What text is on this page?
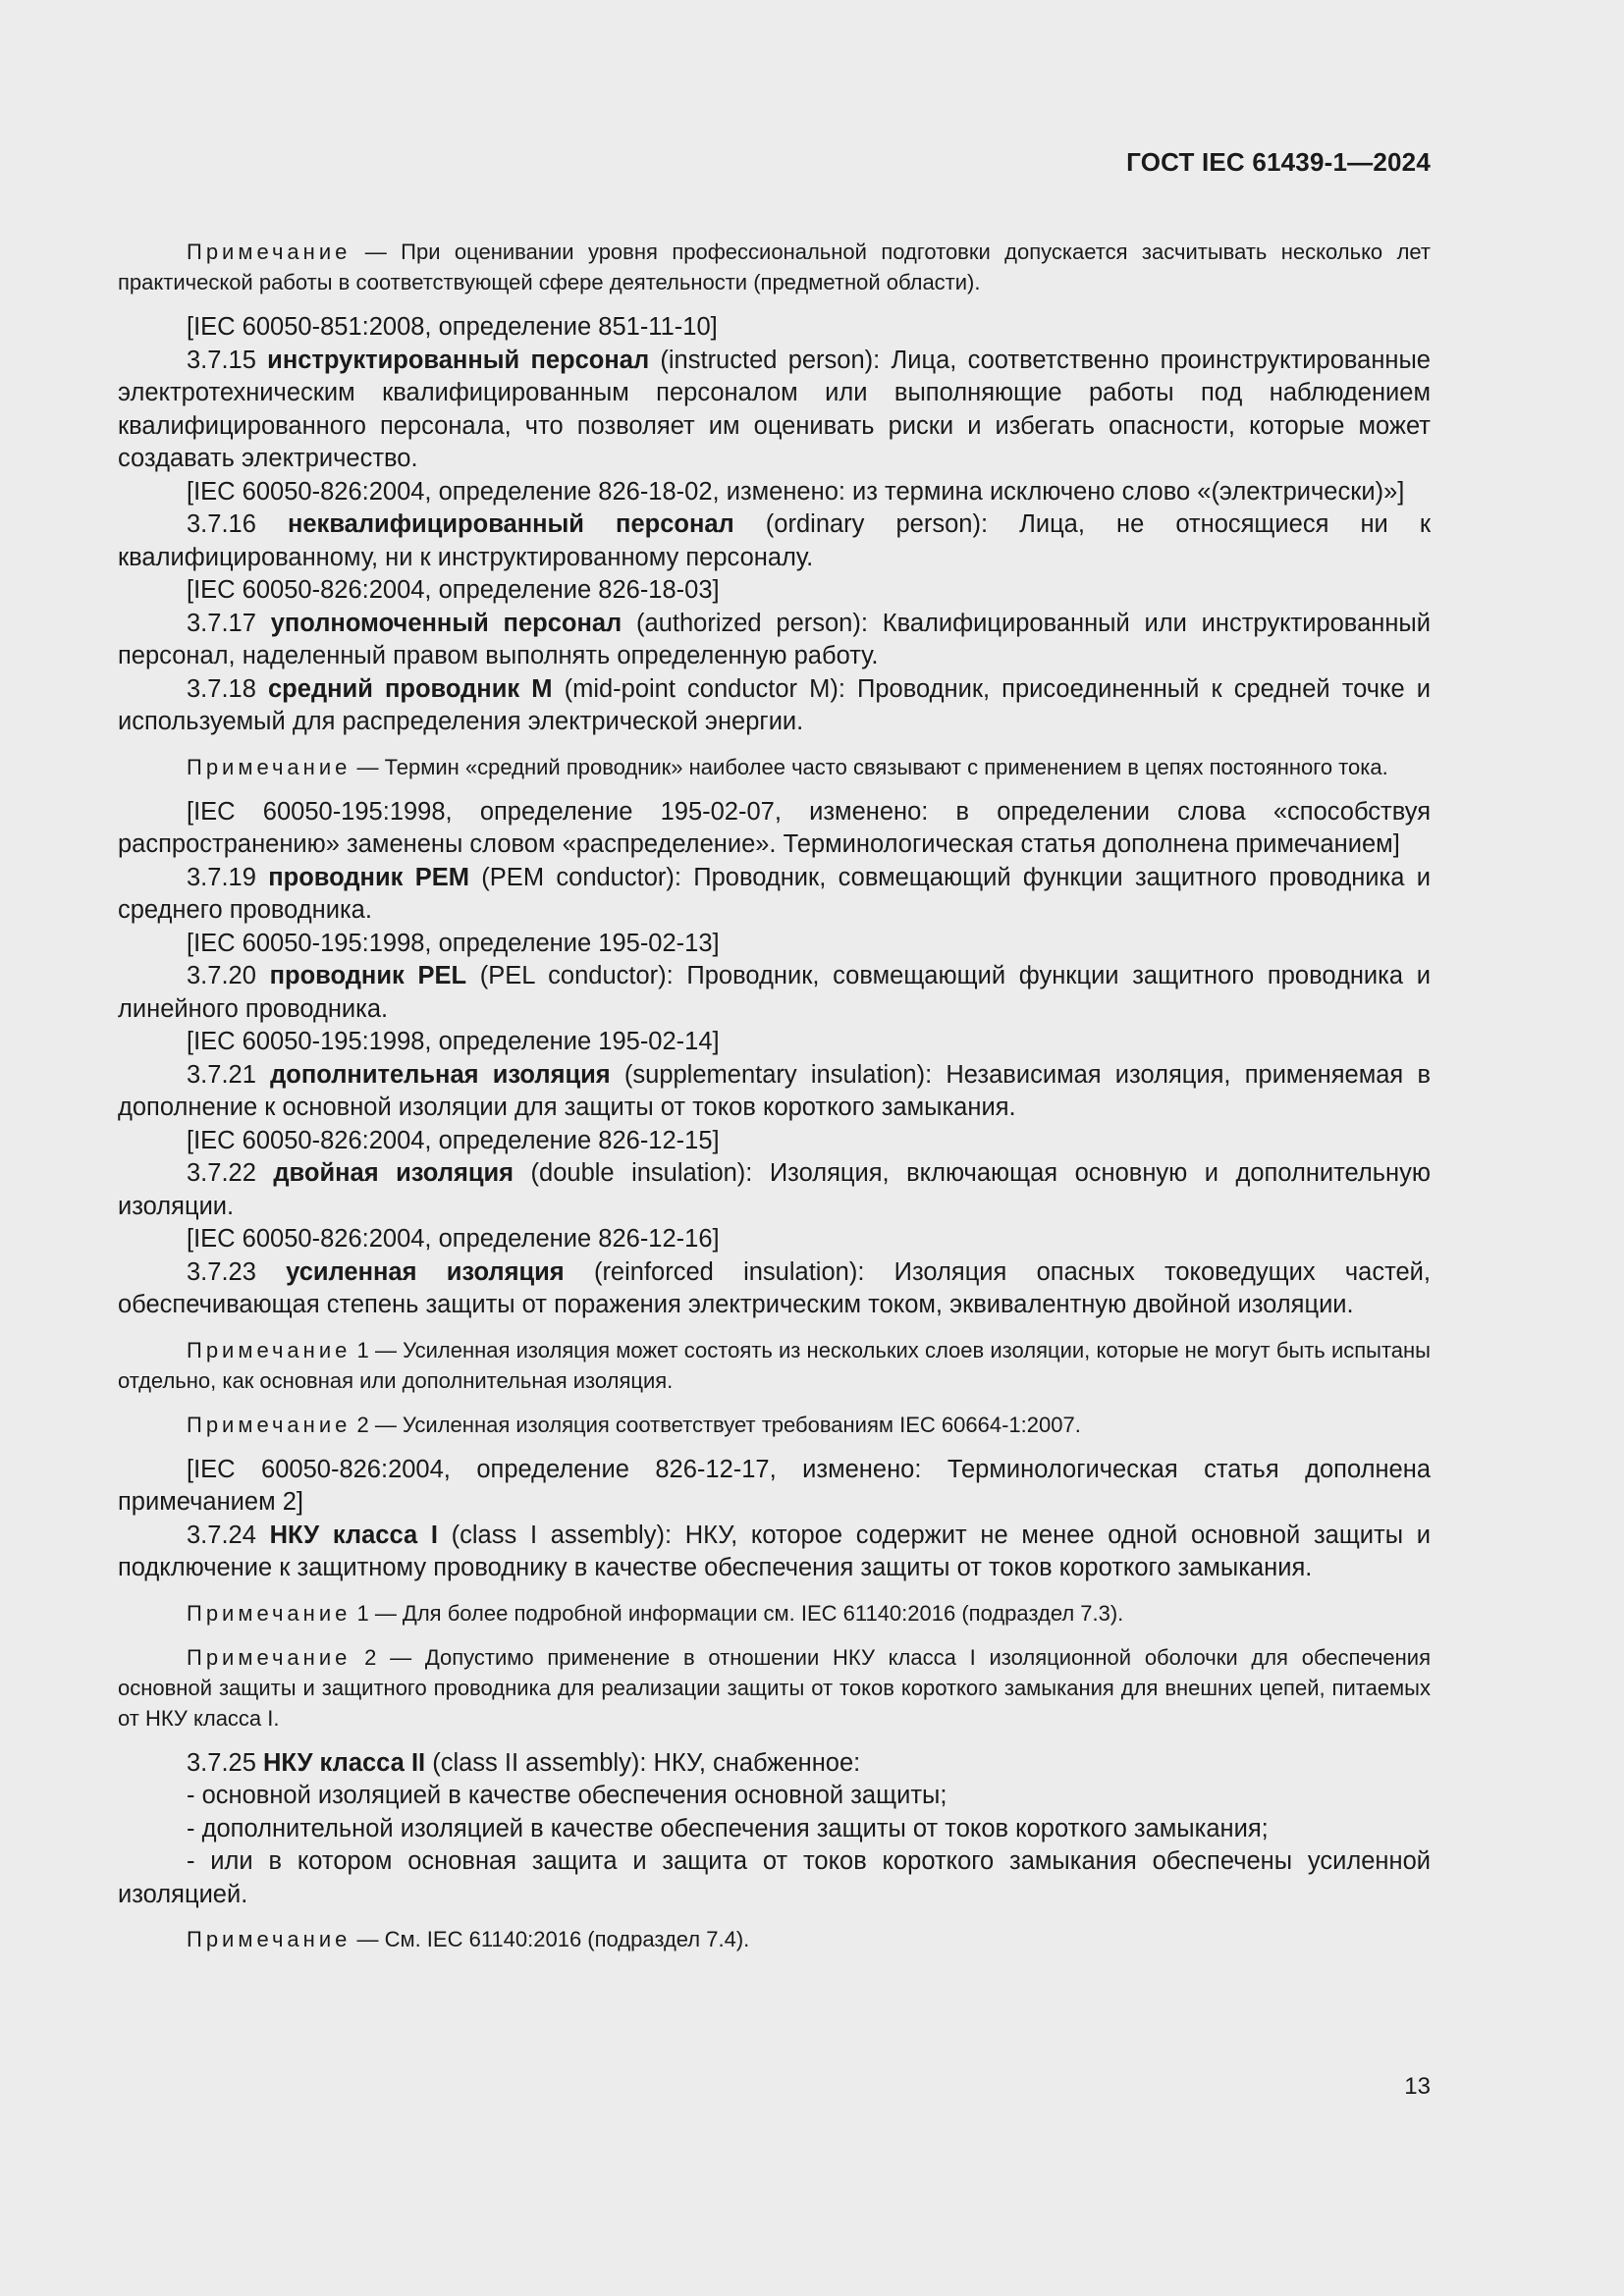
ГОСТ IEC 61439-1—2024

Примечание — При оценивании уровня профессиональной подготовки допускается засчитывать несколько лет практической работы в соответствующей сфере деятельности (предметной области).

[IEC 60050-851:2008, определение 851-11-10]

3.7.15 инструктированный персонал (instructed person): Лица, соответственно проинструктированные электротехническим квалифицированным персоналом или выполняющие работы под наблюдением квалифицированного персонала, что позволяет им оценивать риски и избегать опасности, которые может создавать электричество.

[IEC 60050-826:2004, определение 826-18-02, изменено: из термина исключено слово «(электрически)»]

3.7.16 неквалифицированный персонал (ordinary person): Лица, не относящиеся ни к квалифицированному, ни к инструктированному персоналу.

[IEC 60050-826:2004, определение 826-18-03]

3.7.17 уполномоченный персонал (authorized person): Квалифицированный или инструктированный персонал, наделенный правом выполнять определенную работу.

3.7.18 средний проводник М (mid-point conductor M): Проводник, присоединенный к средней точке и используемый для распределения электрической энергии.

Примечание — Термин «средний проводник» наиболее часто связывают с применением в цепях постоянного тока.

[IEC 60050-195:1998, определение 195-02-07, изменено: в определении слова «способствуя распространению» заменены словом «распределение». Терминологическая статья дополнена примечанием]

3.7.19 проводник PEM (PEM conductor): Проводник, совмещающий функции защитного проводника и среднего проводника.

[IEC 60050-195:1998, определение 195-02-13]

3.7.20 проводник PEL (PEL conductor): Проводник, совмещающий функции защитного проводника и линейного проводника.

[IEC 60050-195:1998, определение 195-02-14]

3.7.21 дополнительная изоляция (supplementary insulation): Независимая изоляция, применяемая в дополнение к основной изоляции для защиты от токов короткого замыкания.

[IEC 60050-826:2004, определение 826-12-15]

3.7.22 двойная изоляция (double insulation): Изоляция, включающая основную и дополнительную изоляции.

[IEC 60050-826:2004, определение 826-12-16]

3.7.23 усиленная изоляция (reinforced insulation): Изоляция опасных токоведущих частей, обеспечивающая степень защиты от поражения электрическим током, эквивалентную двойной изоляции.

Примечание 1 — Усиленная изоляция может состоять из нескольких слоев изоляции, которые не могут быть испытаны отдельно, как основная или дополнительная изоляция.

Примечание 2 — Усиленная изоляция соответствует требованиям IEC 60664-1:2007.

[IEC 60050-826:2004, определение 826-12-17, изменено: Терминологическая статья дополнена примечанием 2]

3.7.24 НКУ класса I (class I assembly): НКУ, которое содержит не менее одной основной защиты и подключение к защитному проводнику в качестве обеспечения защиты от токов короткого замыкания.

Примечание 1 — Для более подробной информации см. IEC 61140:2016 (подраздел 7.3).

Примечание 2 — Допустимо применение в отношении НКУ класса I изоляционной оболочки для обеспечения основной защиты и защитного проводника для реализации защиты от токов короткого замыкания для внешних цепей, питаемых от НКУ класса I.

3.7.25 НКУ класса II (class II assembly): НКУ, снабженное:

- основной изоляцией в качестве обеспечения основной защиты;

- дополнительной изоляцией в качестве обеспечения защиты от токов короткого замыкания;

- или в котором основная защита и защита от токов короткого замыкания обеспечены усиленной изоляцией.

Примечание — См. IEC 61140:2016 (подраздел 7.4).

13
